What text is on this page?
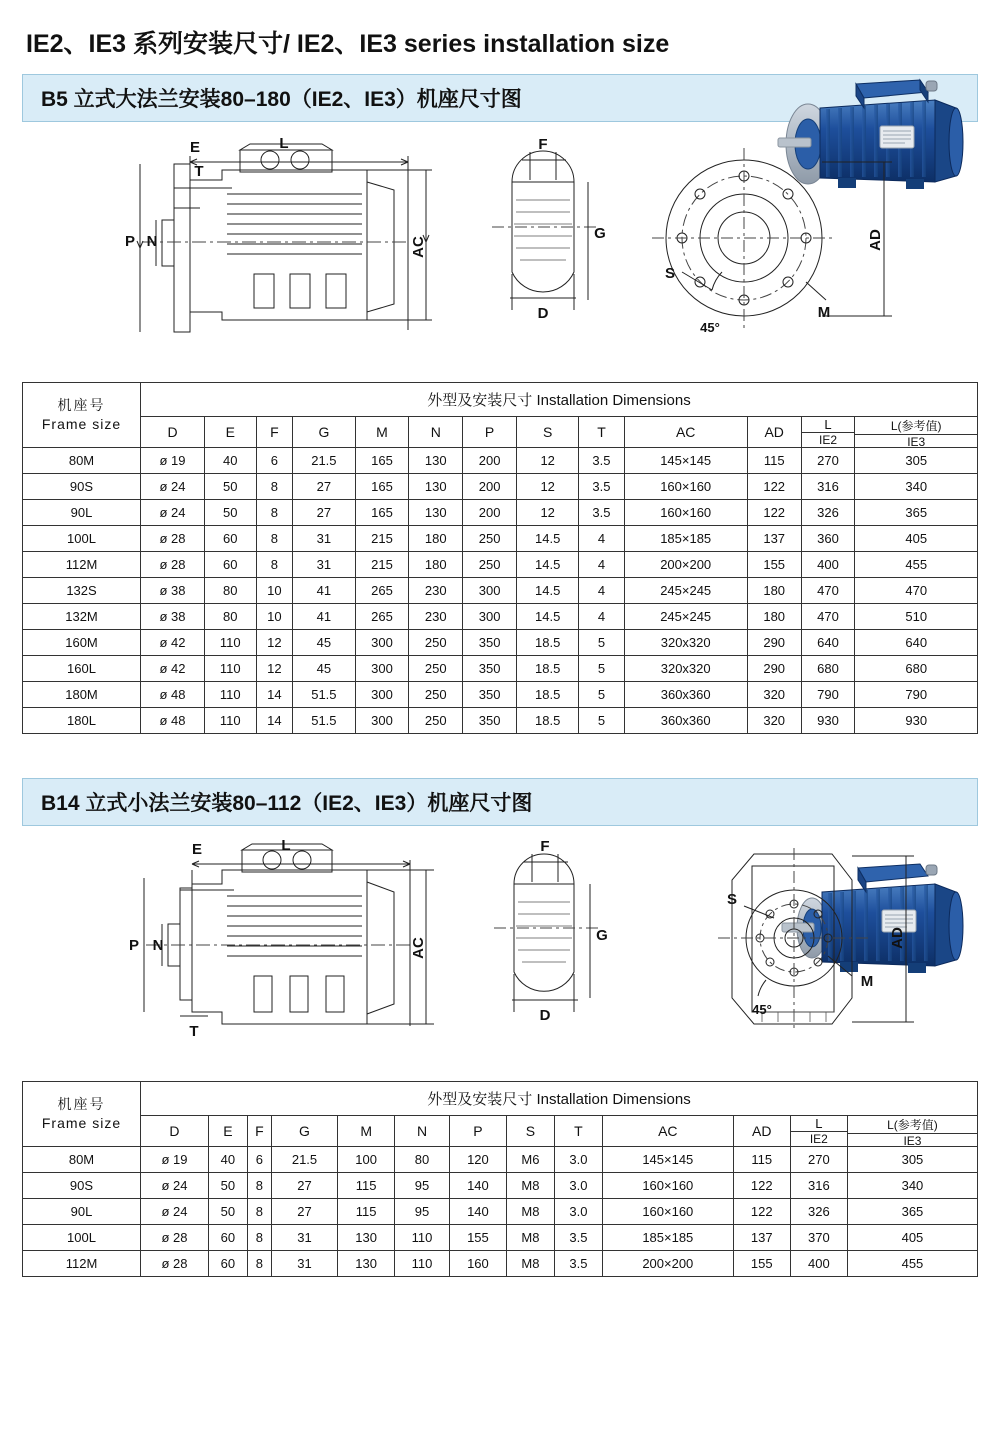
IE2、IE3 系列安装尺寸/ IE2、IE3 series installation size
B5 立式大法兰安装80–180（IE2、IE3）机座尺寸图
L
E
T
P N	AC
F
G
D
AD
S
M
45°
机座号
Frame size	外型及安装尺寸 Installation Dimensions												
D	E	F	G	M	N	P	S	T	AC	AD	L
IE2

L(参考值)
IE3

80M	ø 19	40	6	21.5	165	130	200	12	3.5	145×145	115	270	305
90S	ø 24	50	8	27	165	130	200	12	3.5	160×160	122	316	340
90L	ø 24	50	8	27	165	130	200	12	3.5	160×160	122	326	365
100L	ø 28	60	8	31	215	180	250	14.5	4	185×185	137	360	405
112M	ø 28	60	8	31	215	180	250	14.5	4	200×200	155	400	455
132S	ø 38	80	10	41	265	230	300	14.5	4	245×245	180	470	470
132M	ø 38	80	10	41	265	230	300	14.5	4	245×245	180	470	510
160M	ø 42	110	12	45	300	250	350	18.5	5	320x320	290	640	640
160L	ø 42	110	12	45	300	250	350	18.5	5	320x320	290	680	680
180M	ø 48	110	14	51.5	300	250	350	18.5	5	360x360	320	790	790
180L	ø 48	110	14	51.5	300	250	350	18.5	5	360x360	320	930	930
B14 立式小法兰安装80–112（IE2、IE3）机座尺寸图
L
E
P N
T
AC
F
G
D
AD
S
M
45°
机座号
Frame size	外型及安装尺寸 Installation Dimensions												
D	E	F	G	M	N	P	S	T	AC	AD	L
IE2

L(参考值)
IE3

80M	ø 19	40	6	21.5	100	80	120	M6	3.0	145×145	115	270	305
90S	ø 24	50	8	27	115	95	140	M8	3.0	160×160	122	316	340
90L	ø 24	50	8	27	115	95	140	M8	3.0	160×160	122	326	365
100L	ø 28	60	8	31	130	110	155	M8	3.5	185×185	137	370	405
112M	ø 28	60	8	31	130	110	160	M8	3.5	200×200	155	400	455
